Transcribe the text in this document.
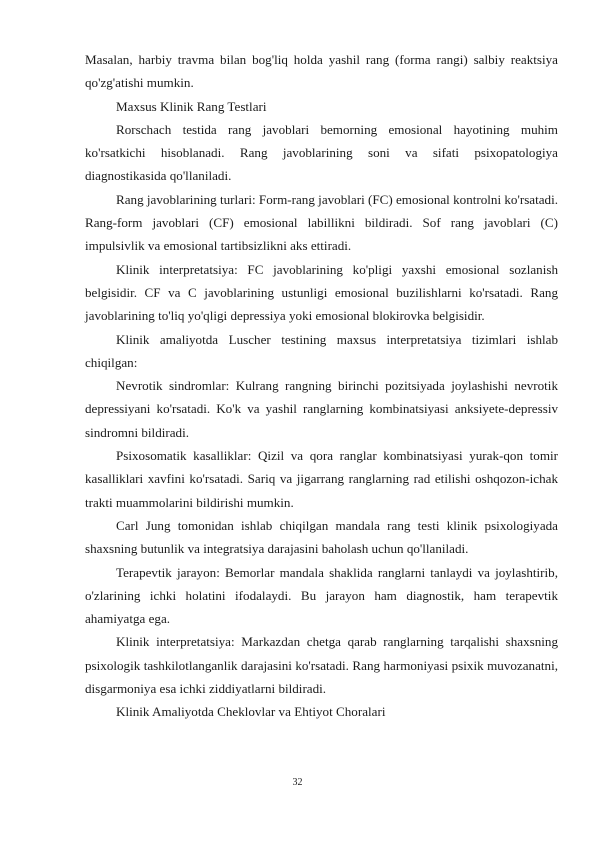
Masalan, harbiy travma bilan bog'liq holda yashil rang (forma rangi) salbiy reaktsiya qo'zg'atishi mumkin.

Maxsus Klinik Rang Testlari

Rorschach testida rang javoblari bemorning emosional hayotining muhim ko'rsatkichi hisoblanadi. Rang javoblarining soni va sifati psixopatologiya diagnostikasida qo'llaniladi.

Rang javoblarining turlari: Form-rang javoblari (FC) emosional kontrolni ko'rsatadi. Rang-form javoblari (CF) emosional labillikni bildiradi. Sof rang javoblari (C) impulsivlik va emosional tartibsizlikni aks ettiradi.

Klinik interpretatsiya: FC javoblarining ko'pligi yaxshi emosional sozlanish belgisidir. CF va C javoblarining ustunligi emosional buzilishlarni ko'rsatadi. Rang javoblarining to'liq yo'qligi depressiya yoki emosional blokirovka belgisidir.

Klinik amaliyotda Luscher testining maxsus interpretatsiya tizimlari ishlab chiqilgan:

Nevrotik sindromlar: Kulrang rangning birinchi pozitsiyada joylashishi nevrotik depressiyani ko'rsatadi. Ko'k va yashil ranglarning kombinatsiyasi anksiyete-depressiv sindromni bildiradi.

Psixosomatik kasalliklar: Qizil va qora ranglar kombinatsiyasi yurak-qon tomir kasalliklari xavfini ko'rsatadi. Sariq va jigarrang ranglarning rad etilishi oshqozon-ichak trakti muammolarini bildirishi mumkin.

Carl Jung tomonidan ishlab chiqilgan mandala rang testi klinik psixologiyada shaxsning butunlik va integratsiya darajasini baholash uchun qo'llaniladi.

Terapevtik jarayon: Bemorlar mandala shaklida ranglarni tanlaydi va joylashtirib, o'zlarining ichki holatini ifodalaydi. Bu jarayon ham diagnostik, ham terapevtik ahamiyatga ega.

Klinik interpretatsiya: Markazdan chetga qarab ranglarning tarqalishi shaxsning psixologik tashkilotlanganlik darajasini ko'rsatadi. Rang harmoniyasi psixik muvozanatni, disgarmoniya esa ichki ziddiyatlarni bildiradi.

Klinik Amaliyotda Cheklovlar va Ehtiyot Choralari

32
